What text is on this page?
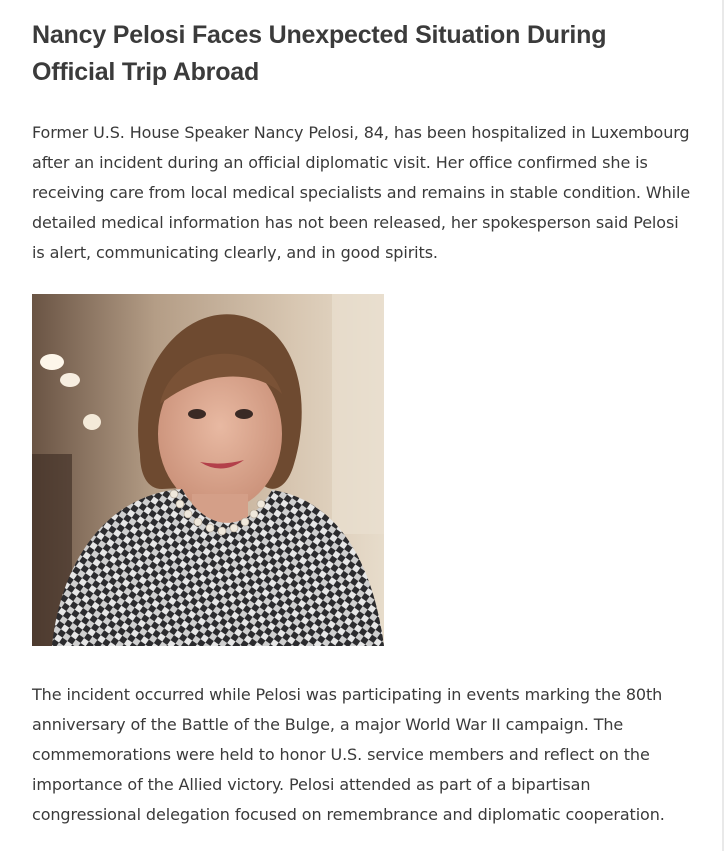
Nancy Pelosi Faces Unexpected Situation During Official Trip Abroad

Former U.S. House Speaker Nancy Pelosi, 84, has been hospitalized in Luxembourg after an incident during an official diplomatic visit. Her office confirmed she is receiving care from local medical specialists and remains in stable condition. While detailed medical information has not been released, her spokesperson said Pelosi is alert, communicating clearly, and in good spirits.

The incident occurred while Pelosi was participating in events marking the 80th anniversary of the Battle of the Bulge, a major World War II campaign. The commemorations were held to honor U.S. service members and reflect on the importance of the Allied victory. Pelosi attended as part of a bipartisan congressional delegation focused on remembrance and diplomatic cooperation.
